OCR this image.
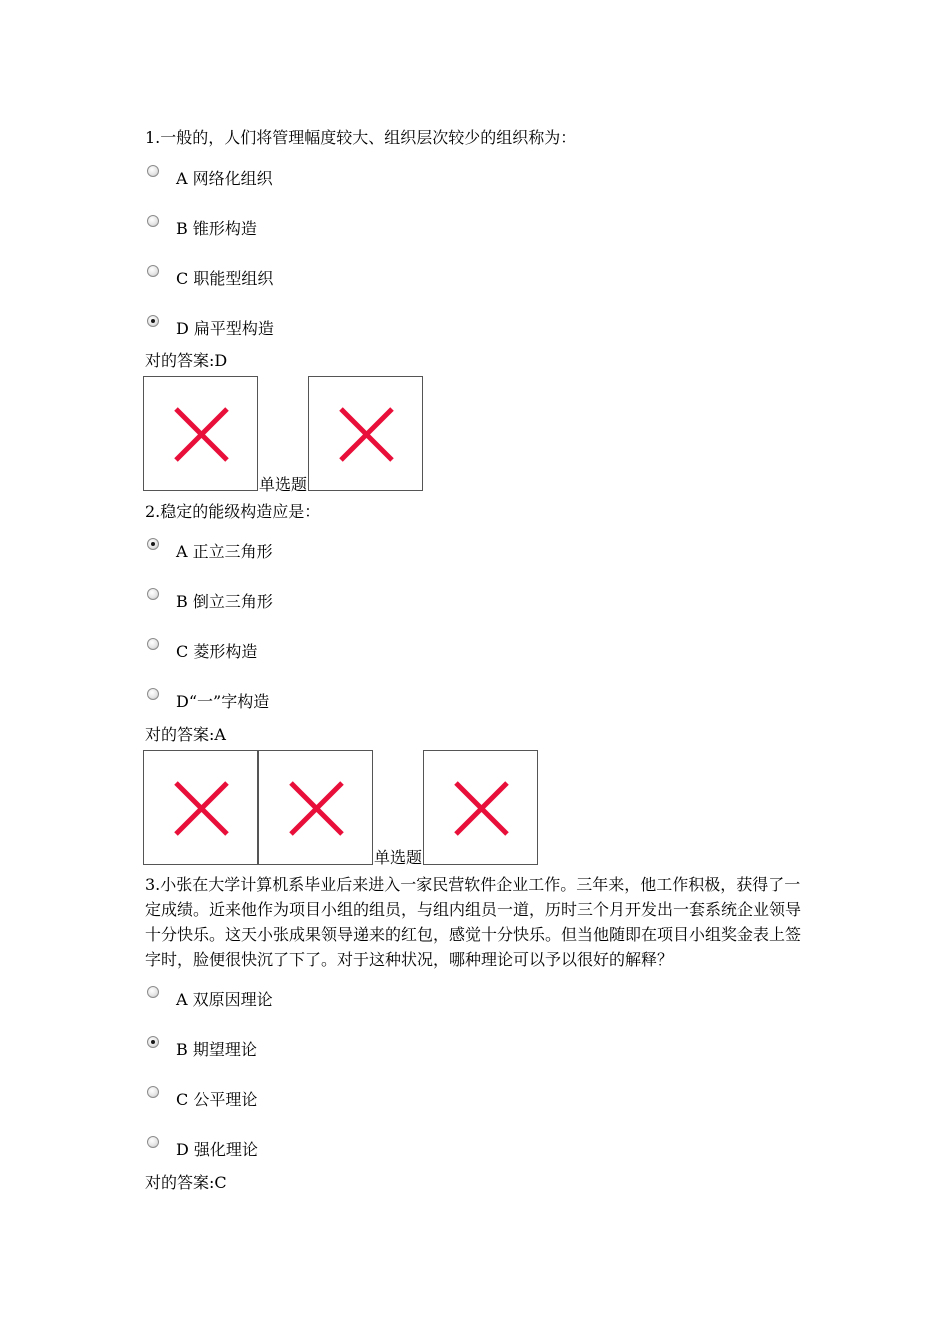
1.一般的，人们将管理幅度较大、组织层次较少的组织称为：
A 网络化组织
B 锥形构造
C 职能型组织
D 扁平型构造
对的答案:D
单选题
2.稳定的能级构造应是：
A 正立三角形
B 倒立三角形
C 菱形构造
D“一”字构造
对的答案:A
单选题
3.小张在大学计算机系毕业后来进入一家民营软件企业工作。三年来，他工作积极，获得了一定成绩。近来他作为项目小组的组员，与组内组员一道，历时三个月开发出一套系统企业领导十分快乐。这天小张成果领导递来的红包，感觉十分快乐。但当他随即在项目小组奖金表上签字时，脸便很快沉了下了。对于这种状况，哪种理论可以予以很好的解释？
A 双原因理论
B 期望理论
C 公平理论
D 强化理论
对的答案:C
